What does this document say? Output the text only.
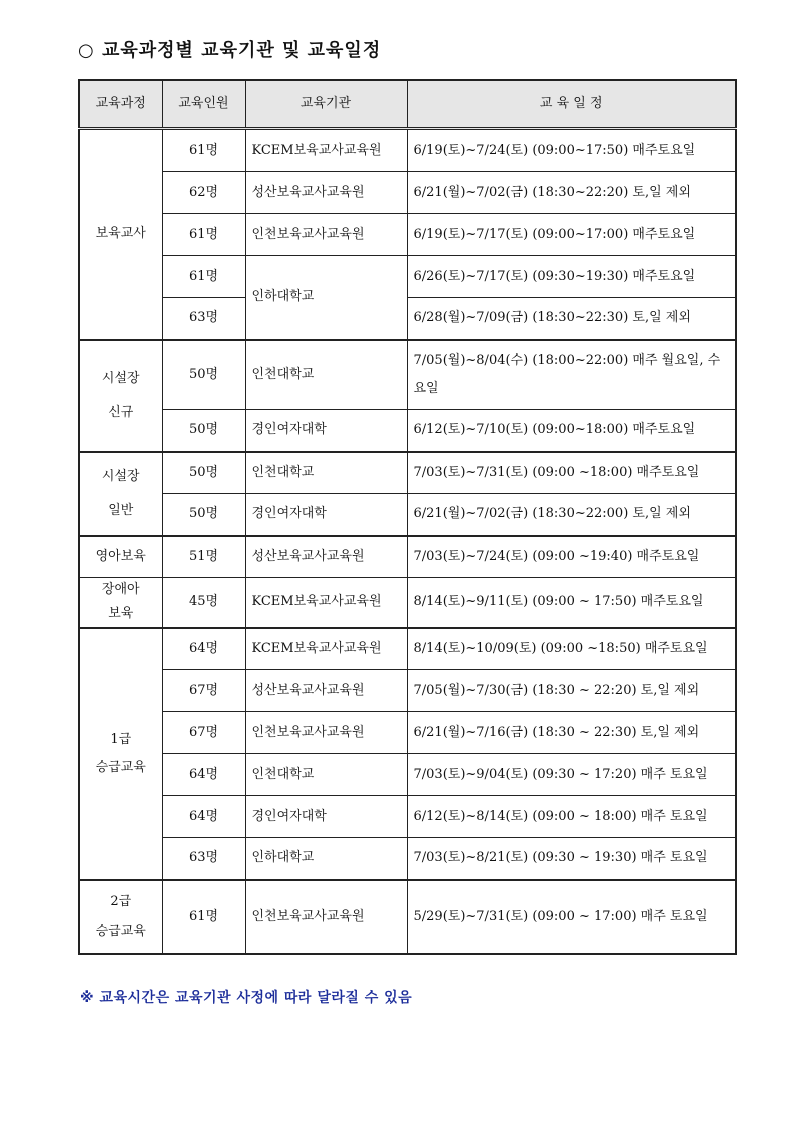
○ 교육과정별 교육기관 및 교육일정
교육과정	교육인원	교육기관	교 육 일 정
보육교사	61명	KCEM보육교사교육원	6/19(토)~7/24(토) (09:00~17:50) 매주토요일
	62명	성산보육교사교육원	6/21(월)~7/02(금) (18:30~22:20) 토,일 제외
	61명	인천보육교사교육원	6/19(토)~7/17(토) (09:00~17:00) 매주토요일
	61명	인하대학교	6/26(토)~7/17(토) (09:30~19:30) 매주토요일
	63명		6/28(월)~7/09(금) (18:30~22:30) 토,일 제외
시설장
신규	50명	인천대학교	7/05(월)~8/04(수) (18:00~22:00) 매주 월요일, 수요일
	50명	경인여자대학	6/12(토)~7/10(토) (09:00~18:00) 매주토요일
시설장
일반	50명	인천대학교	7/03(토)~7/31(토) (09:00 ~18:00) 매주토요일
	50명	경인여자대학	6/21(월)~7/02(금) (18:30~22:00) 토,일 제외
영아보육	51명	성산보육교사교육원	7/03(토)~7/24(토) (09:00 ~19:40) 매주토요일
장애아
보육	45명	KCEM보육교사교육원	8/14(토)~9/11(토) (09:00 ~ 17:50) 매주토요일
1급
승급교육	64명	KCEM보육교사교육원	8/14(토)~10/09(토) (09:00 ~18:50) 매주토요일
	67명	성산보육교사교육원	7/05(월)~7/30(금) (18:30 ~ 22:20) 토,일 제외
	67명	인천보육교사교육원	6/21(월)~7/16(금) (18:30 ~ 22:30) 토,일 제외
	64명	인천대학교	7/03(토)~9/04(토) (09:30 ~ 17:20) 매주 토요일
	64명	경인여자대학	6/12(토)~8/14(토) (09:00 ~ 18:00) 매주 토요일
	63명	인하대학교	7/03(토)~8/21(토) (09:30 ~ 19:30) 매주 토요일
2급
승급교육	61명	인천보육교사교육원	5/29(토)~7/31(토) (09:00 ~ 17:00) 매주 토요일
※ 교육시간은 교육기관 사정에 따라 달라질 수 있음
